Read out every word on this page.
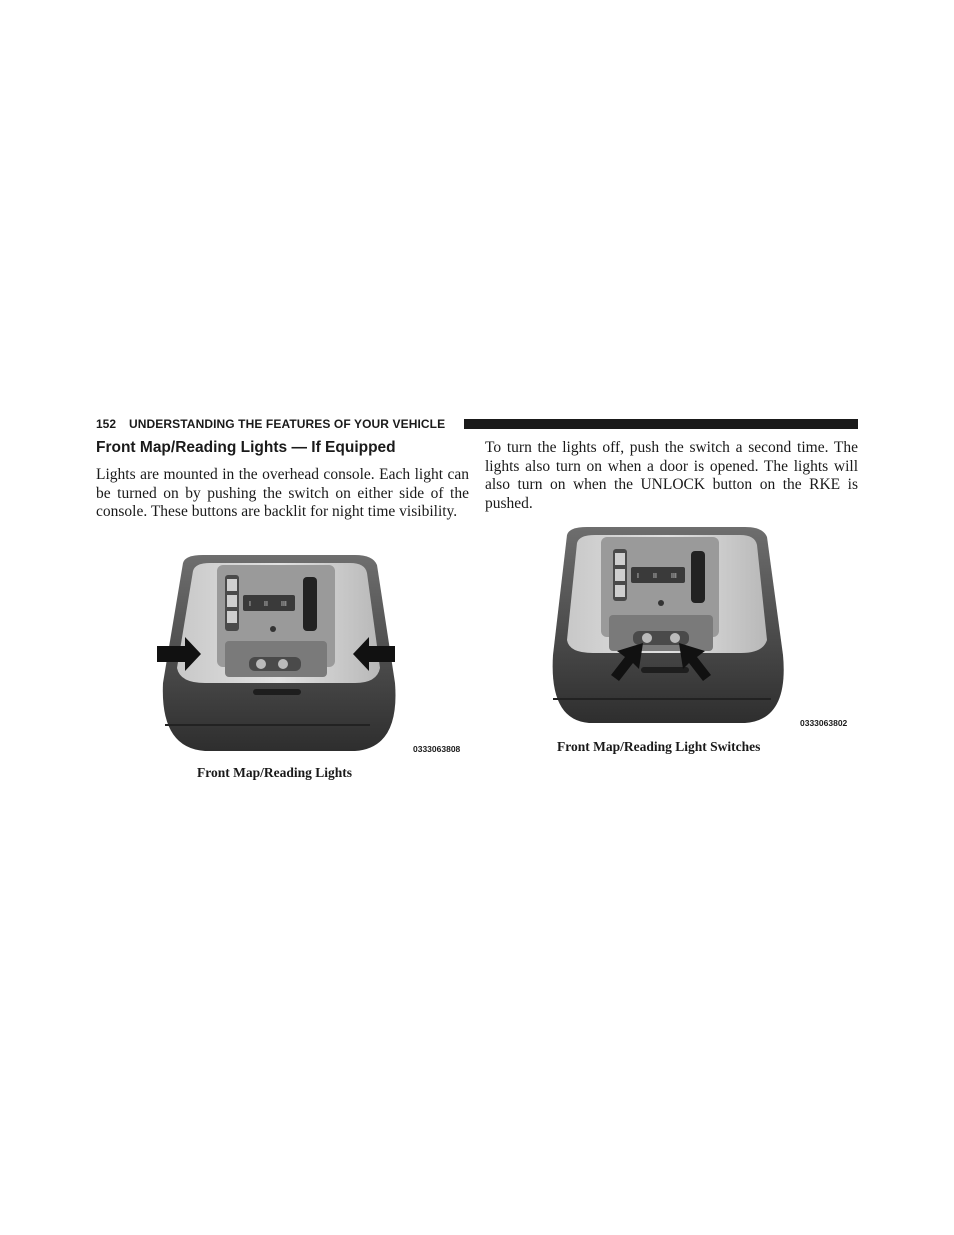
152 UNDERSTANDING THE FEATURES OF YOUR VEHICLE
Front Map/Reading Lights — If Equipped

Lights are mounted in the overhead console. Each light can be turned on by pushing the switch on either side of the console. These buttons are backlit for night time visibility.

To turn the lights off, push the switch a second time. The lights also turn on when a door is opened. The lights will also turn on when the UNLOCK button on the RKE is pushed.

I II III
0333063808
Front Map/Reading Lights
I II III
0333063802
Front Map/Reading Light Switches
